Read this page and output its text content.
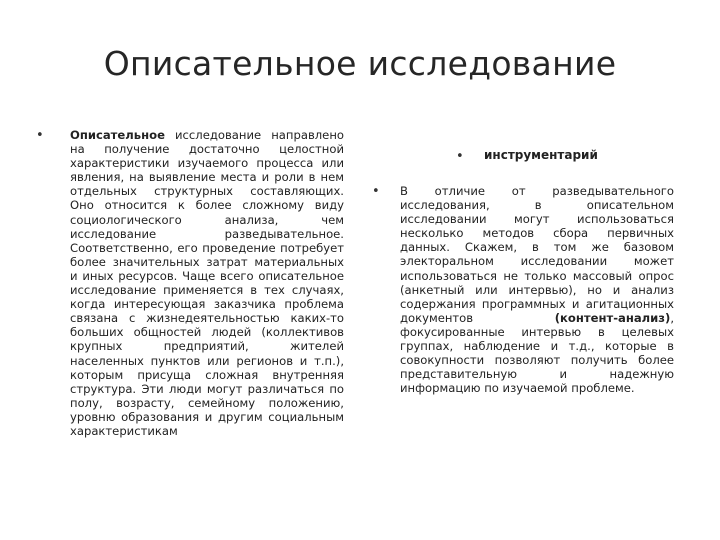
Описательное исследование
• Описательное исследование направлено на получение достаточно целостной характеристики изучаемого процесса или явления, на выявление места и роли в нем отдельных структурных составляющих. Оно относится к более сложному виду социологического анализа, чем исследование разведывательное. Соответственно, его проведение потребует более значительных затрат материальных и иных ресурсов. Чаще всего описательное исследование применяется в тех случаях, когда интересующая заказчика проблема связана с жизнедеятельностью каких-то больших общностей людей (коллективов крупных предприятий, жителей населенных пунктов или регионов и т.п.), которым присуща сложная внутренняя структура. Эти люди могут различаться по полу, возрасту, семейному положению, уровню образования и другим социальным характеристикам
• инструментарий
• В отличие от разведывательного исследования, в описательном исследовании могут использоваться несколько методов сбора первичных данных. Скажем, в том же базовом электоральном исследовании может использоваться не только массовый опрос (анкетный или интервью), но и анализ содержания программных и агитационных документов (контент-анализ), фокусированные интервью в целевых группах, наблюдение и т.д., которые в совокупности позволяют получить более представительную и надежную информацию по изучаемой проблеме.
